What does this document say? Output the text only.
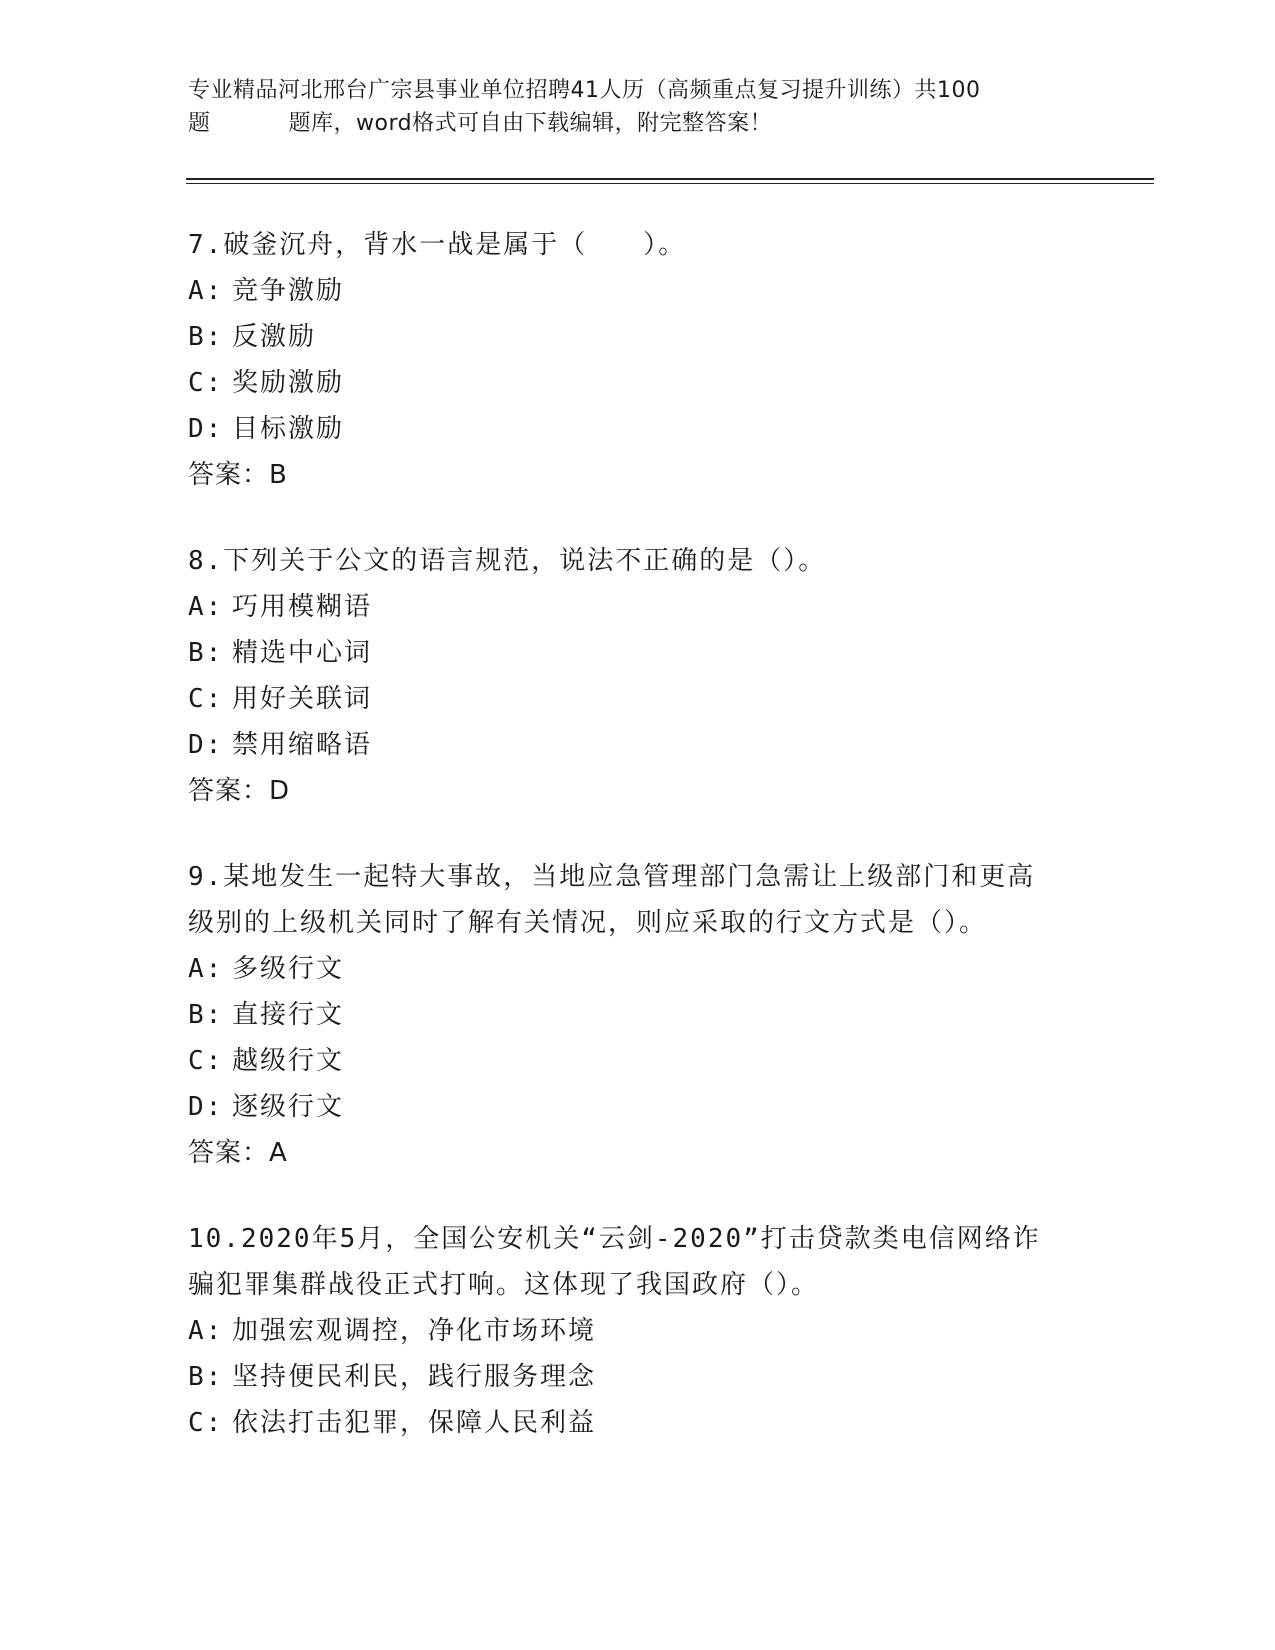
专业精品河北邢台广宗县事业单位招聘41人历（高频重点复习提升训练）共100
题	题库，word格式可自由下载编辑，附完整答案！
7.破釜沉舟，背水一战是属于（　　）。
A: 竞争激励
B: 反激励
C: 奖励激励
D: 目标激励
答案：B
8.下列关于公文的语言规范，说法不正确的是（）。
A: 巧用模糊语
B: 精选中心词
C: 用好关联词
D: 禁用缩略语
答案：D
9.某地发生一起特大事故，当地应急管理部门急需让上级部门和更高
级别的上级机关同时了解有关情况，则应采取的行文方式是（）。
A: 多级行文
B: 直接行文
C: 越级行文
D: 逐级行文
答案：A
10.2020年5月，全国公安机关“云剑-2020”打击贷款类电信网络诈
骗犯罪集群战役正式打响。这体现了我国政府（）。
A: 加强宏观调控，净化市场环境
B: 坚持便民利民，践行服务理念
C: 依法打击犯罪，保障人民利益
